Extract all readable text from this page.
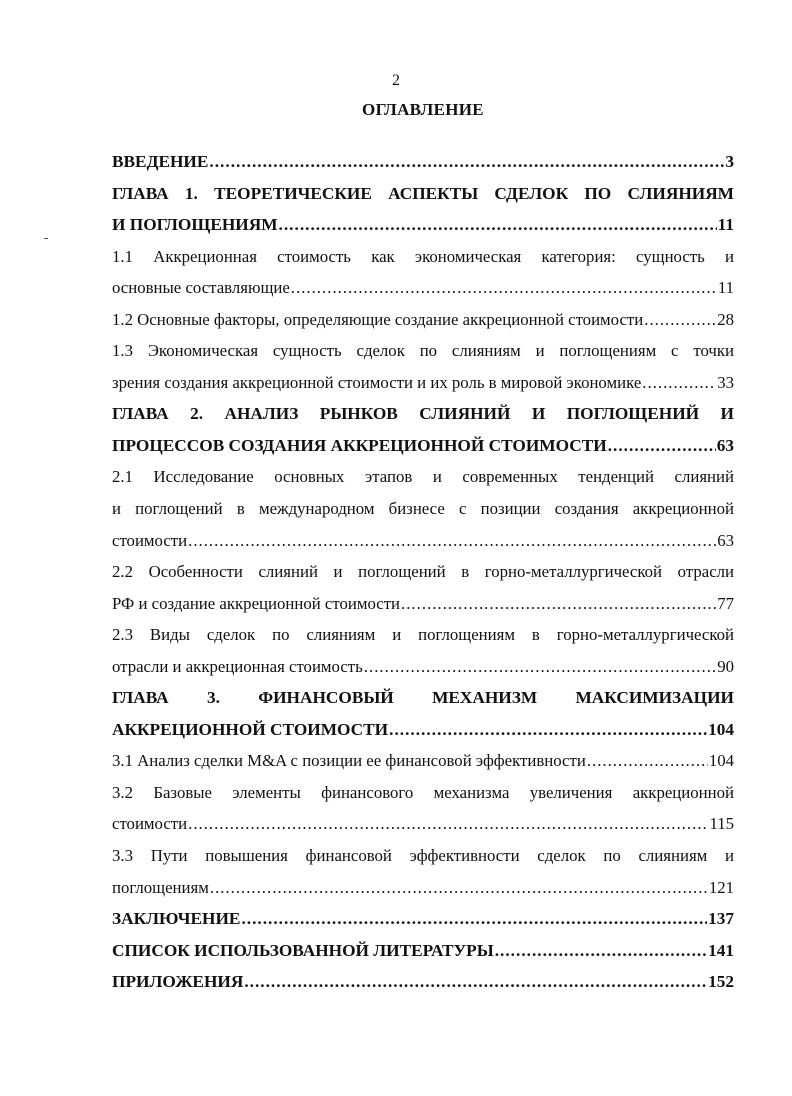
2
ОГЛАВЛЕНИЕ
ВВЕДЕНИЕ .....	3
ГЛАВА 1. ТЕОРЕТИЧЕСКИЕ АСПЕКТЫ СДЕЛОК ПО СЛИЯНИЯМ
И ПОГЛОЩЕНИЯМ .....	11
1.1 Аккреционная стоимость как экономическая категория: сущность и
основные составляющие .....	11
1.2 Основные факторы, определяющие создание аккреционной стоимости .....	28
1.3 Экономическая сущность сделок по слияниям и поглощениям с точки
зрения создания аккреционной стоимости и их роль в мировой экономике .....	33
ГЛАВА 2. АНАЛИЗ РЫНКОВ СЛИЯНИЙ И ПОГЛОЩЕНИЙ И
ПРОЦЕССОВ СОЗДАНИЯ АККРЕЦИОННОЙ СТОИМОСТИ .....	63
2.1 Исследование основных этапов и современных тенденций слияний
и поглощений в международном бизнесе с позиции создания аккреционной
стоимости .....	63
2.2 Особенности слияний и поглощений в горно-металлургической отрасли
РФ и создание аккреционной стоимости .....	77
2.3 Виды сделок по слияниям и поглощениям в горно-металлургической
отрасли и аккреционная стоимость .....	90
ГЛАВА 3. ФИНАНСОВЫЙ МЕХАНИЗМ МАКСИМИЗАЦИИ
АККРЕЦИОННОЙ СТОИМОСТИ .....	104
3.1 Анализ сделки M&A с позиции ее финансовой эффективности .....	104
3.2 Базовые элементы финансового механизма увеличения аккреционной
стоимости .....	115
3.3 Пути повышения финансовой эффективности сделок по слияниям и
поглощениям .....	121
ЗАКЛЮЧЕНИЕ .....	137
СПИСОК ИСПОЛЬЗОВАННОЙ ЛИТЕРАТУРЫ .....	141
ПРИЛОЖЕНИЯ .....	152
